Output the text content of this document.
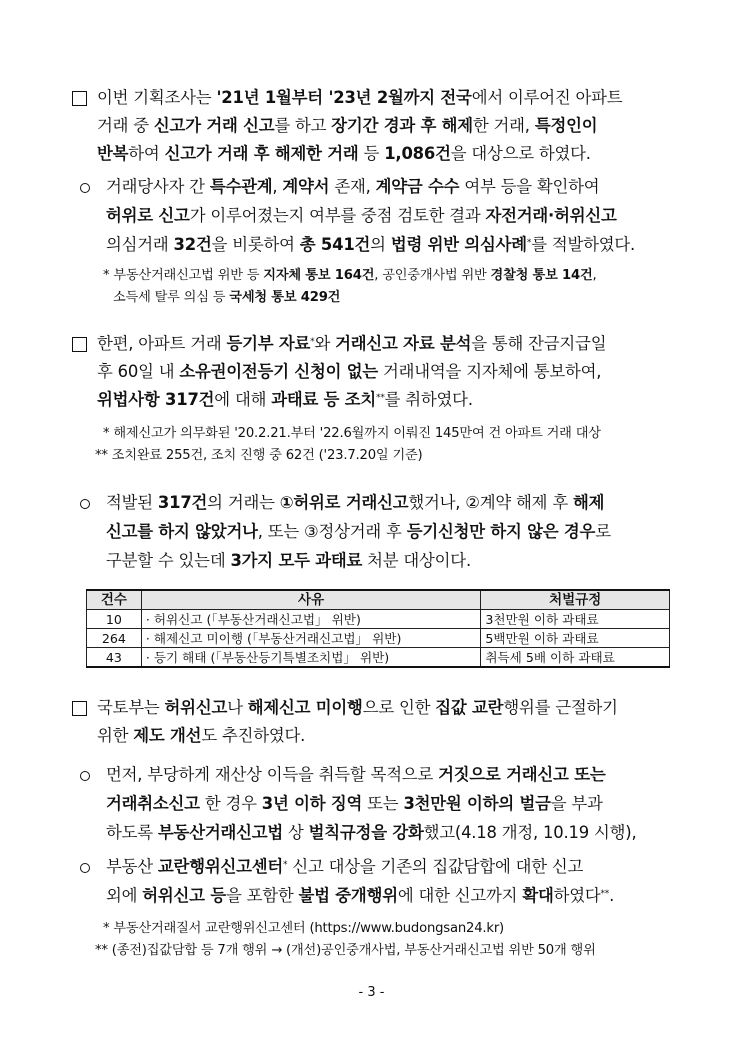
이번 기획조사는 '21년 1월부터 '23년 2월까지 전국에서 이루어진 아파트
거래 중 신고가 거래 신고를 하고 장기간 경과 후 해제한 거래, 특정인이
반복하여 신고가 거래 후 해제한 거래 등 1,086건을 대상으로 하였다.
거래당사자 간 특수관계, 계약서 존재, 계약금 수수 여부 등을 확인하여
허위로 신고가 이루어졌는지 여부를 중점 검토한 결과 자전거래·허위신고
의심거래 32건을 비롯하여 총 541건의 법령 위반 의심사례*를 적발하였다.
* 부동산거래신고법 위반 등 지자체 통보 164건, 공인중개사법 위반 경찰청 통보 14건,
소득세 탈루 의심 등 국세청 통보 429건
한편, 아파트 거래 등기부 자료*와 거래신고 자료 분석을 통해 잔금지급일
후 60일 내 소유권이전등기 신청이 없는 거래내역을 지자체에 통보하여,
위법사항 317건에 대해 과태료 등 조치**를 취하였다.
* 해제신고가 의무화된 '20.2.21.부터 '22.6월까지 이뤄진 145만여 건 아파트 거래 대상
** 조치완료 255건, 조치 진행 중 62건 ('23.7.20일 기준)
적발된 317건의 거래는 ①허위로 거래신고했거나, ②계약 해제 후 해제
신고를 하지 않았거나, 또는 ③정상거래 후 등기신청만 하지 않은 경우로
구분할 수 있는데 3가지 모두 과태료 처분 대상이다.
건수	사유	처벌규정
10	· 허위신고 (「부동산거래신고법」 위반)	3천만원 이하 과태료
264	· 해제신고 미이행 (「부동산거래신고법」 위반)	5백만원 이하 과태료
43	· 등기 해태 (「부동산등기특별조치법」 위반)	취득세 5배 이하 과태료
국토부는 허위신고나 해제신고 미이행으로 인한 집값 교란행위를 근절하기
위한 제도 개선도 추진하였다.
먼저, 부당하게 재산상 이득을 취득할 목적으로 거짓으로 거래신고 또는
거래취소신고 한 경우 3년 이하 징역 또는 3천만원 이하의 벌금을 부과
하도록 부동산거래신고법 상 벌칙규정을 강화했고(4.18 개정, 10.19 시행),
부동산 교란행위신고센터* 신고 대상을 기존의 집값담합에 대한 신고
외에 허위신고 등을 포함한 불법 중개행위에 대한 신고까지 확대하였다**.
* 부동산거래질서 교란행위신고센터 (https://www.budongsan24.kr)
** (종전)집값담합 등 7개 행위 → (개선)공인중개사법, 부동산거래신고법 위반 50개 행위
- 3 -
